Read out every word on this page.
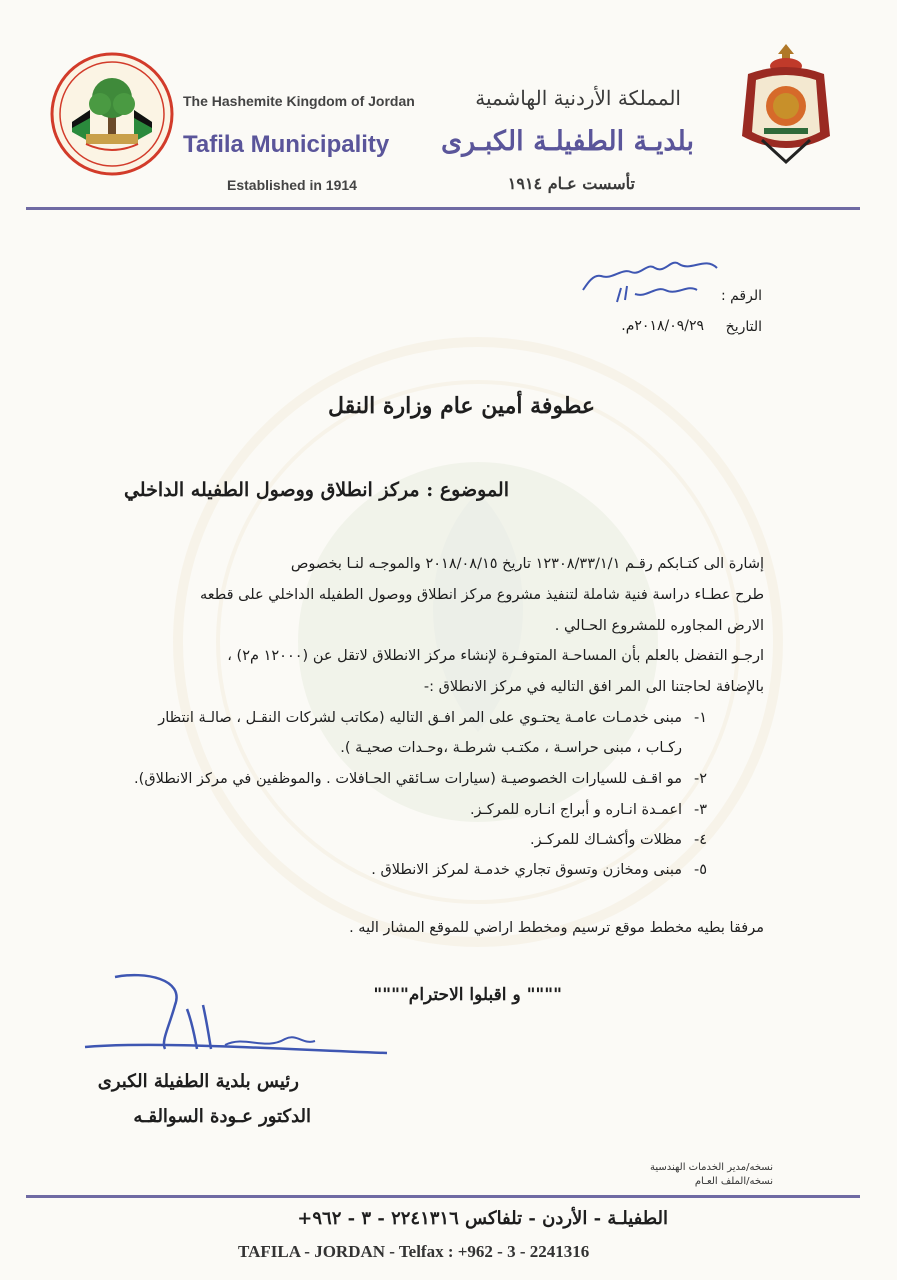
The Hashemite Kingdom of Jordan
Tafila Municipality
Established in 1914
المملكة الأردنية الهاشمية
بلديـة الطفيلـة الكبـرى
تأسست عـام ١٩١٤
الرقم :
التاريخ
٢٠١٨/٠٩/٢٩م.
عطوفة أمين عام وزارة النقل
الموضوع : مركز انطلاق ووصول الطفيله الداخلي
إشارة الى كتـابكم رقـم ١٢٣٠٨/٣٣/١/١ تاريخ ٢٠١٨/٠٨/١٥ والموجـه لنـا بخصوص
طرح عطـاء دراسة فنية شاملة لتنفيذ مشروع مركز انطلاق ووصول الطفيله الداخلي على قطعه
الارض المجاوره للمشروع الحـالي .
ارجـو التفضل بالعلم بأن المساحـة المتوفـرة لإنشاء مركز الانطلاق لاتقل عن (١٢٠٠٠ م٢) ،
بالإضافة لحاجتنا الى المر افق التاليه في مركز الانطلاق :-
١-
مبنى خدمـات عامـة يحتـوي على المر افـق التاليه (مكاتب لشركات النقـل ، صالـة انتظار
ركـاب ، مبنى حراسـة ، مكتـب شرطـة ،وحـدات صحيـة ).
٢-
مو اقـف للسيارات الخصوصيـة (سيارات سـائقي الحـافلات . والموظفين في مركز الانطلاق).
٣-
اعمـدة انـاره و أبراج انـاره للمركـز.
٤-
مظلات وأكشـاك للمركـز.
٥-
مبنى ومخازن وتسوق تجاري خدمـة لمركز الانطلاق .
مرفقا بطيه مخطط موقع ترسيم ومخطط اراضي للموقع المشار اليه .
"""" و اقبلوا الاحترام""""
رئيس بلدية الطفيلة الكبرى
الدكتور عـودة السوالقـه
نسخه/مدير الخدمات الهندسية
نسخه/الملف العـام
الطفيلـة - الأردن - تلفاكس ٢٢٤١٣١٦ - ٣ - ٩٦٢+
TAFILA - JORDAN - Telfax : +962 - 3 - 2241316
